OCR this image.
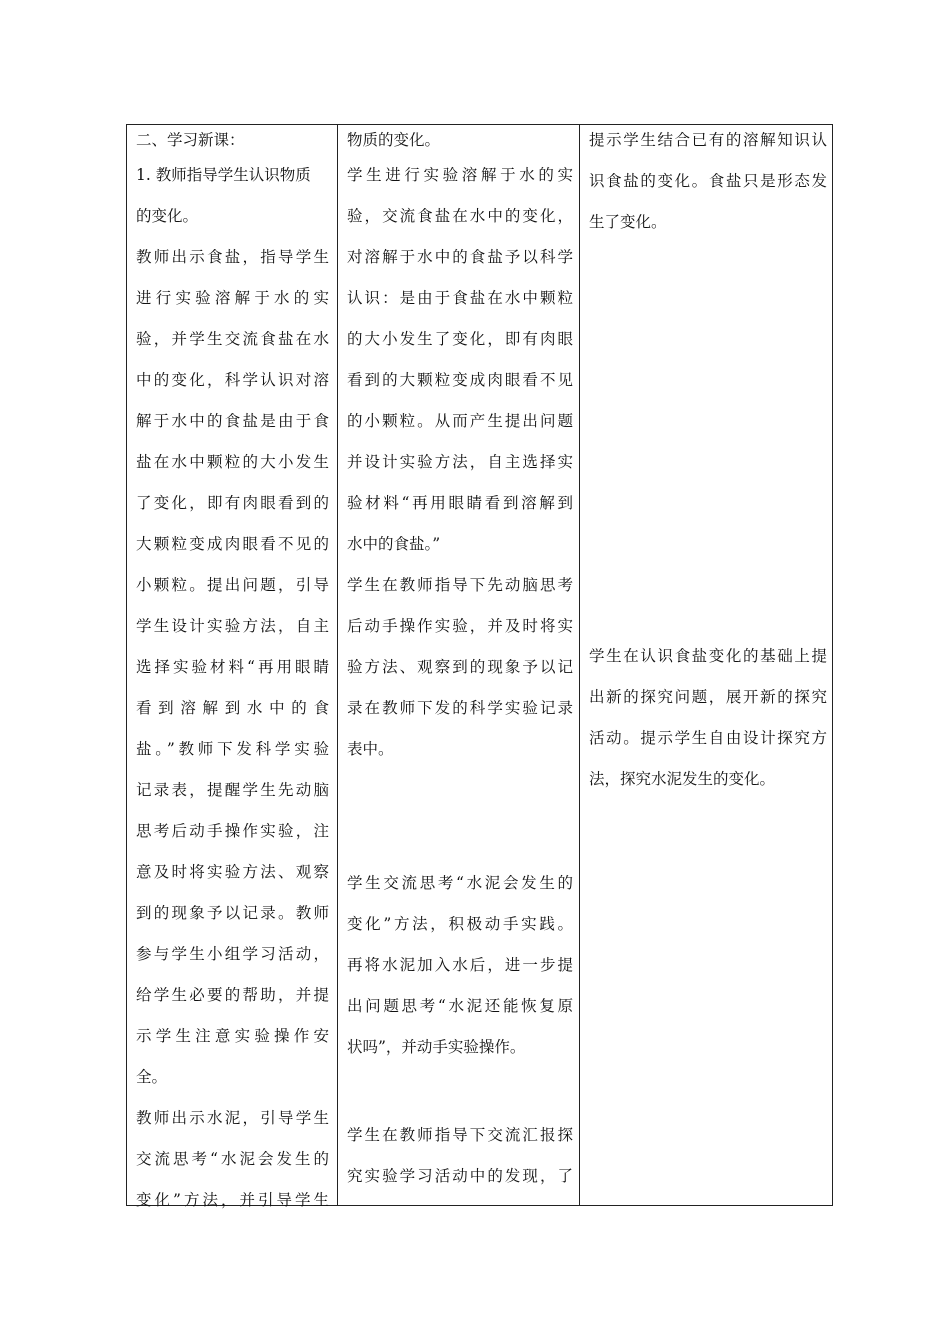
二、学习新课：
1. 教师指导学生认识物质
的变化。
教师出示食盐，指导学生
进行实验溶解于水的实
验，并学生交流食盐在水
中的变化，科学认识对溶
解于水中的食盐是由于食
盐在水中颗粒的大小发生
了变化，即有肉眼看到的
大颗粒变成肉眼看不见的
小颗粒。提出问题，引导
学生设计实验方法，自主
选择实验材料“再用眼睛
看到溶解到水中的食
盐。”教师下发科学实验
记录表，提醒学生先动脑
思考后动手操作实验，注
意及时将实验方法、观察
到的现象予以记录。教师
参与学生小组学习活动，
给学生必要的帮助，并提
示学生注意实验操作安
全。
教师出示水泥，引导学生
交流思考“水泥会发生的
变化”方法，并引导学生
物质的变化。
学生进行实验溶解于水的实
验，交流食盐在水中的变化，
对溶解于水中的食盐予以科学
认识：是由于食盐在水中颗粒
的大小发生了变化，即有肉眼
看到的大颗粒变成肉眼看不见
的小颗粒。从而产生提出问题
并设计实验方法，自主选择实
验材料“再用眼睛看到溶解到
水中的食盐。”
学生在教师指导下先动脑思考
后动手操作实验，并及时将实
验方法、观察到的现象予以记
录在教师下发的科学实验记录
表中。
学生交流思考“水泥会发生的
变化”方法，积极动手实践。
再将水泥加入水后，进一步提
出问题思考“水泥还能恢复原
状吗”，并动手实验操作。
学生在教师指导下交流汇报探
究实验学习活动中的发现，了
提示学生结合已有的溶解知识认
识食盐的变化。食盐只是形态发
生了变化。
学生在认识食盐变化的基础上提
出新的探究问题，展开新的探究
活动。提示学生自由设计探究方
法，探究水泥发生的变化。
